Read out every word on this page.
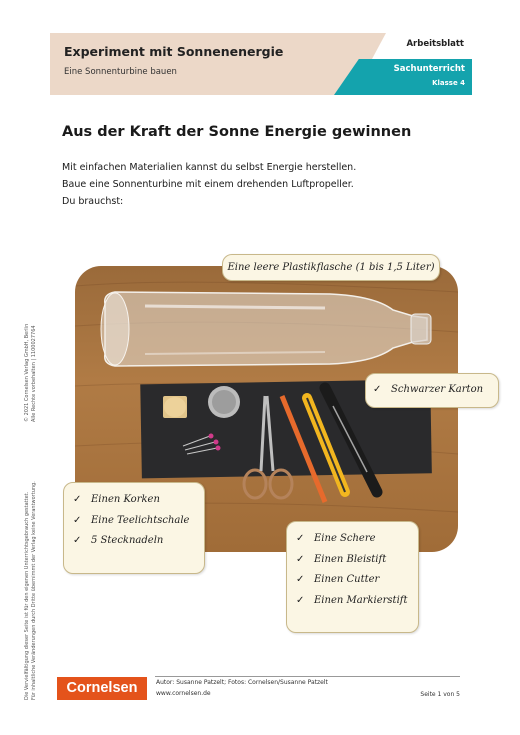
Experiment mit Sonnenenergie
Eine Sonnenturbine bauen
Arbeitsblatt
Sachunterricht
Klasse 4
Aus der Kraft der Sonne Energie gewinnen
Mit einfachen Materialien kannst du selbst Energie herstellen.
Baue eine Sonnenturbine mit einem drehenden Luftpropeller.
Du brauchst:
Eine leere Plastikflasche (1 bis 1,5 Liter)
✓ Schwarzer Karton
✓ Einen Korken
✓ Eine Teelichtschale
✓ 5 Stecknadeln	✓ Eine Schere
✓ Einen Bleistift
✓ Einen Cutter
✓ Einen Markierstift
© 2021 Cornelsen Verlag GmbH, Berlin Alle Rechte vorbehalten | 1100027764
Die Vervielfältigung dieser Seite ist für den eigenen Unterrichtsgebrauch gestattet. Für inhaltliche Veränderungen durch Dritte übernimmt der Verlag keine Verantwortung.	Cornelsen	Autor: Susanne Patzelt; Fotos: Cornelsen/Susanne Patzelt
www.cornelsen.de	Seite 1 von 5
